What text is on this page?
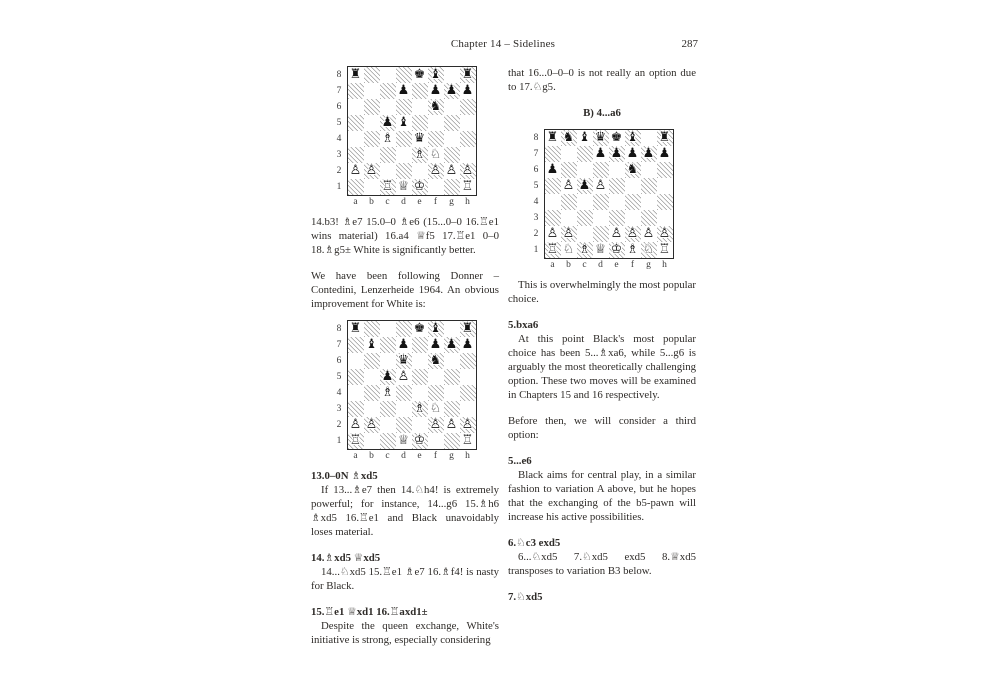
Chapter 14 – Sidelines	287
8
7
6
5
4
3
2
1
♜	♚ ♝ ♜
♟ ♟ ♟ ♟
♞
♟ ♝
♗ ♛
♗ ♘
♙ ♙	♙ ♙ ♙
♖ ♕ ♔	♖
a	b	c	d	e	f	g	h

14.b3! ♗e7 15.0–0 ♗e6 (15...0–0 16.♖e1 wins material) 16.a4 ♕f5 17.♖e1 0–0 18.♗g5± White is significantly better.

We have been following Donner – Contedini, Lenzerheide 1964. An obvious improvement for White is:

8
7
6
5
4
3
2
1
♜	♚ ♝ ♜
♝ ♟ ♟ ♟ ♟
♛ ♞
♟ ♙
♗
♗ ♘
♙ ♙	♙ ♙ ♙
♖	♕ ♔	♖
a	b	c	d	e	f	g	h

13.0–0N ♗xd5

If 13...♗e7 then 14.♘h4! is extremely powerful; for instance, 14...g6 15.♗h6 ♗xd5 16.♖e1 and Black unavoidably loses material.

14.♗xd5 ♕xd5

14...♘xd5 15.♖e1 ♗e7 16.♗f4! is nasty for Black.

15.♖e1 ♕xd1 16.♖axd1±

Despite the queen exchange, White's initiative is strong, especially considering

that 16...0–0–0 is not really an option due to 17.♘g5.

B) 4...a6

8
7
6
5
4
3
2
1
♜ ♞ ♝ ♛ ♚ ♝ ♜
♟ ♟ ♟ ♟ ♟
♟	♞
♙ ♟ ♙
♙ ♙	♙ ♙ ♙ ♙
♖ ♘ ♗ ♕ ♔ ♗ ♘ ♖
a	b	c	d	e	f	g	h

This is overwhelmingly the most popular choice.

5.bxa6

At this point Black's most popular choice has been 5...♗xa6, while 5...g6 is arguably the most theoretically challenging option. These two moves will be examined in Chapters 15 and 16 respectively.

Before then, we will consider a third option:

5...e6

Black aims for central play, in a similar fashion to variation A above, but he hopes that the exchanging of the b5-pawn will increase his active possibilities.

6.♘c3 exd5

6...♘xd5 7.♘xd5 exd5 8.♕xd5 transposes to variation B3 below.

7.♘xd5
